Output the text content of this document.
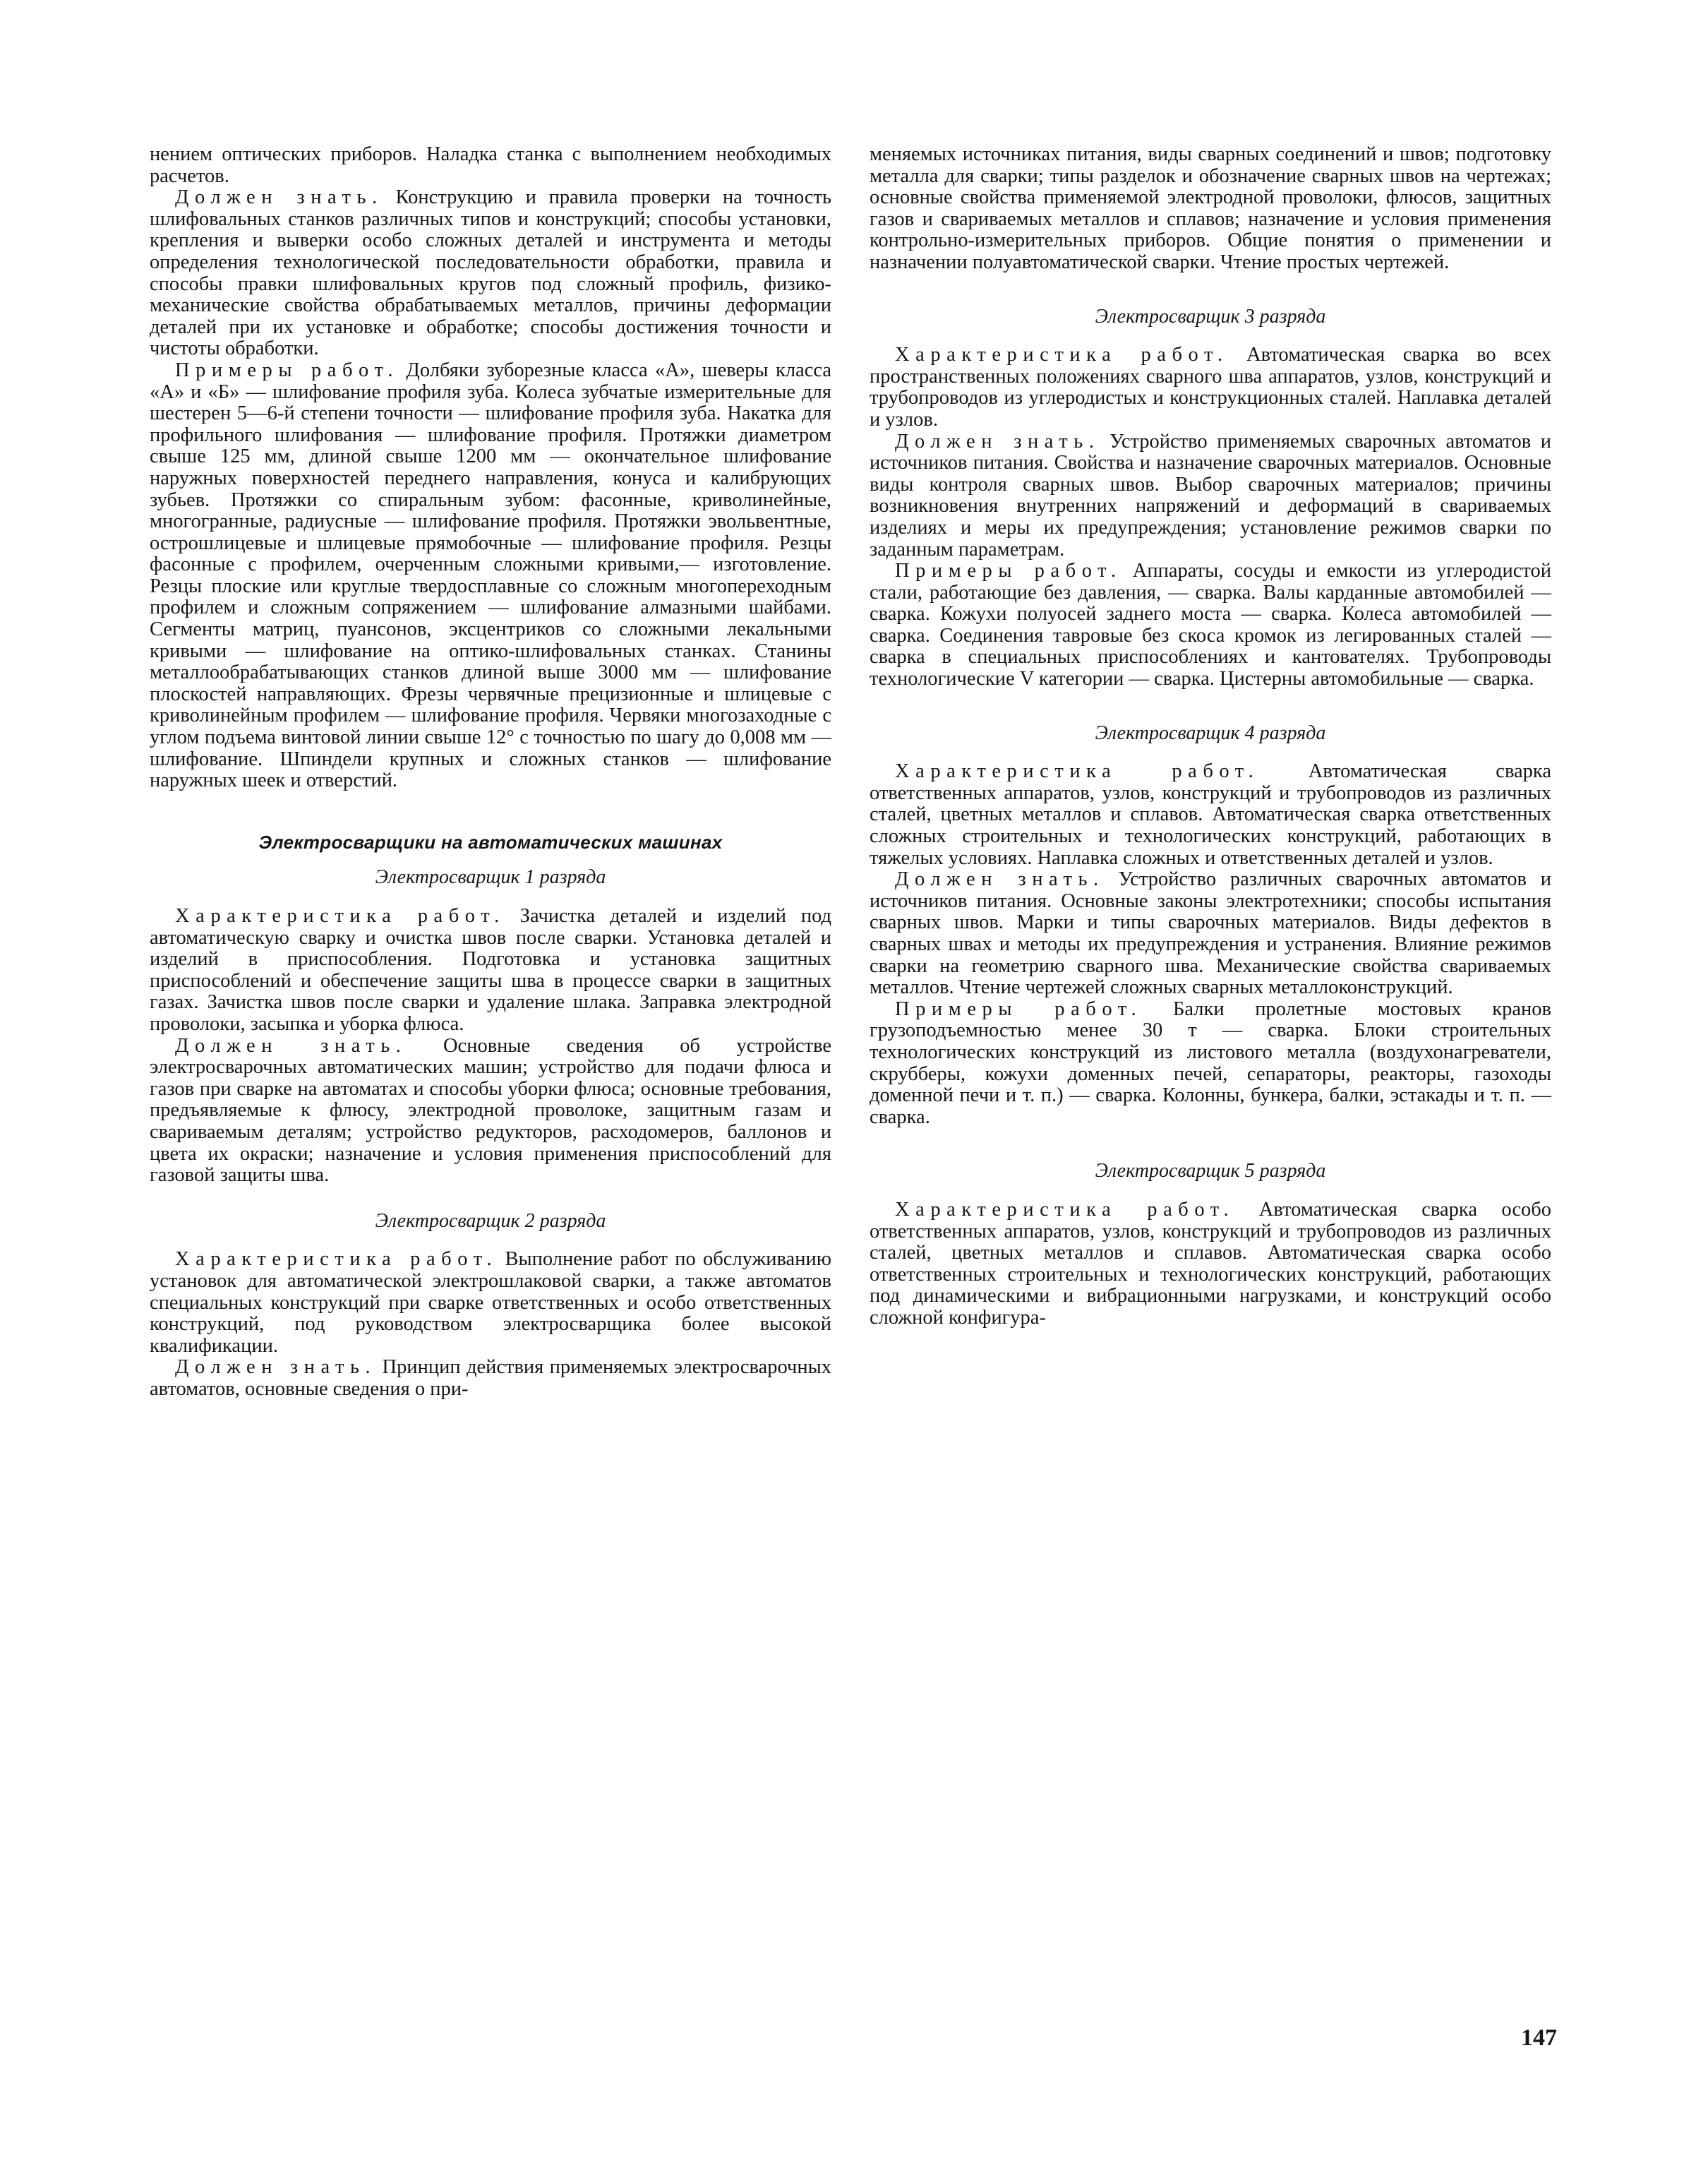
нением оптических приборов. Наладка станка с выполнением необходимых расчетов.

Должен знать. Конструкцию и правила проверки на точность шлифовальных станков различных типов и конструкций; способы установки, крепления и выверки особо сложных деталей и инструмента и методы определения технологической последовательности обработки, правила и способы правки шлифовальных кругов под сложный профиль, физико-механические свойства обрабатываемых металлов, причины деформации деталей при их установке и обработке; способы достижения точности и чистоты обработки.

Примеры работ. Долбяки зуборезные класса «А», шеверы класса «А» и «Б» — шлифование профиля зуба. Колеса зубчатые измерительные для шестерен 5—6-й степени точности — шлифование профиля зуба. Накатка для профильного шлифования — шлифование профиля. Протяжки диаметром свыше 125 мм, длиной свыше 1200 мм — окончательное шлифование наружных поверхностей переднего направления, конуса и калибрующих зубьев. Протяжки со спиральным зубом: фасонные, криволинейные, многогранные, радиусные — шлифование профиля. Протяжки эвольвентные, острошлицевые и шлицевые прямобочные — шлифование профиля. Резцы фасонные с профилем, очерченным сложными кривыми,— изготовление. Резцы плоские или круглые твердосплавные со сложным многопереходным профилем и сложным сопряжением — шлифование алмазными шайбами. Сегменты матриц, пуансонов, эксцентриков со сложными лекальными кривыми — шлифование на оптико-шлифовальных станках. Станины металлообрабатывающих станков длиной выше 3000 мм — шлифование плоскостей направляющих. Фрезы червячные прецизионные и шлицевые с криволинейным профилем — шлифование профиля. Червяки многозаходные с углом подъема винтовой линии свыше 12° с точностью по шагу до 0,008 мм — шлифование. Шпиндели крупных и сложных станков — шлифование наружных шеек и отверстий.

Электросварщики на автоматических машинах
Электросварщик 1 разряда

Характеристика работ. Зачистка деталей и изделий под автоматическую сварку и очистка швов после сварки. Установка деталей и изделий в приспособления. Подготовка и установка защитных приспособлений и обеспечение защиты шва в процессе сварки в защитных газах. Зачистка швов после сварки и удаление шлака. Заправка электродной проволоки, засыпка и уборка флюса.

Должен знать. Основные сведения об устройстве электросварочных автоматических машин; устройство для подачи флюса и газов при сварке на автоматах и способы уборки флюса; основные требования, предъявляемые к флюсу, электродной проволоке, защитным газам и свариваемым деталям; устройство редукторов, расходомеров, баллонов и цвета их окраски; назначение и условия применения приспособлений для газовой защиты шва.

Электросварщик 2 разряда

Характеристика работ. Выполнение работ по обслуживанию установок для автоматической электрошлаковой сварки, а также автоматов специальных конструкций при сварке ответственных и особо ответственных конструкций, под руководством электросварщика более высокой квалификации.

Должен знать. Принцип действия применяемых электросварочных автоматов, основные сведения о при-

меняемых источниках питания, виды сварных соединений и швов; подготовку металла для сварки; типы разделок и обозначение сварных швов на чертежах; основные свойства применяемой электродной проволоки, флюсов, защитных газов и свариваемых металлов и сплавов; назначение и условия применения контрольно-измерительных приборов. Общие понятия о применении и назначении полуавтоматической сварки. Чтение простых чертежей.

Электросварщик 3 разряда

Характеристика работ. Автоматическая сварка во всех пространственных положениях сварного шва аппаратов, узлов, конструкций и трубопроводов из углеродистых и конструкционных сталей. Наплавка деталей и узлов.

Должен знать. Устройство применяемых сварочных автоматов и источников питания. Свойства и назначение сварочных материалов. Основные виды контроля сварных швов. Выбор сварочных материалов; причины возникновения внутренних напряжений и деформаций в свариваемых изделиях и меры их предупреждения; установление режимов сварки по заданным параметрам.

Примеры работ. Аппараты, сосуды и емкости из углеродистой стали, работающие без давления, — сварка. Валы карданные автомобилей — сварка. Кожухи полуосей заднего моста — сварка. Колеса автомобилей — сварка. Соединения тавровые без скоса кромок из легированных сталей — сварка в специальных приспособлениях и кантователях. Трубопроводы технологические V категории — сварка. Цистерны автомобильные — сварка.

Электросварщик 4 разряда

Характеристика работ. Автоматическая сварка ответственных аппаратов, узлов, конструкций и трубопроводов из различных сталей, цветных металлов и сплавов. Автоматическая сварка ответственных сложных строительных и технологических конструкций, работающих в тяжелых условиях. Наплавка сложных и ответственных деталей и узлов.

Должен знать. Устройство различных сварочных автоматов и источников питания. Основные законы электротехники; способы испытания сварных швов. Марки и типы сварочных материалов. Виды дефектов в сварных швах и методы их предупреждения и устранения. Влияние режимов сварки на геометрию сварного шва. Механические свойства свариваемых металлов. Чтение чертежей сложных сварных металлоконструкций.

Примеры работ. Балки пролетные мостовых кранов грузоподъемностью менее 30 т — сварка. Блоки строительных технологических конструкций из листового металла (воздухонагреватели, скрубберы, кожухи доменных печей, сепараторы, реакторы, газоходы доменной печи и т. п.) — сварка. Колонны, бункера, балки, эстакады и т. п. — сварка.

Электросварщик 5 разряда

Характеристика работ. Автоматическая сварка особо ответственных аппаратов, узлов, конструкций и трубопроводов из различных сталей, цветных металлов и сплавов. Автоматическая сварка особо ответственных строительных и технологических конструкций, работающих под динамическими и вибрационными нагрузками, и конструкций особо сложной конфигура-

147
